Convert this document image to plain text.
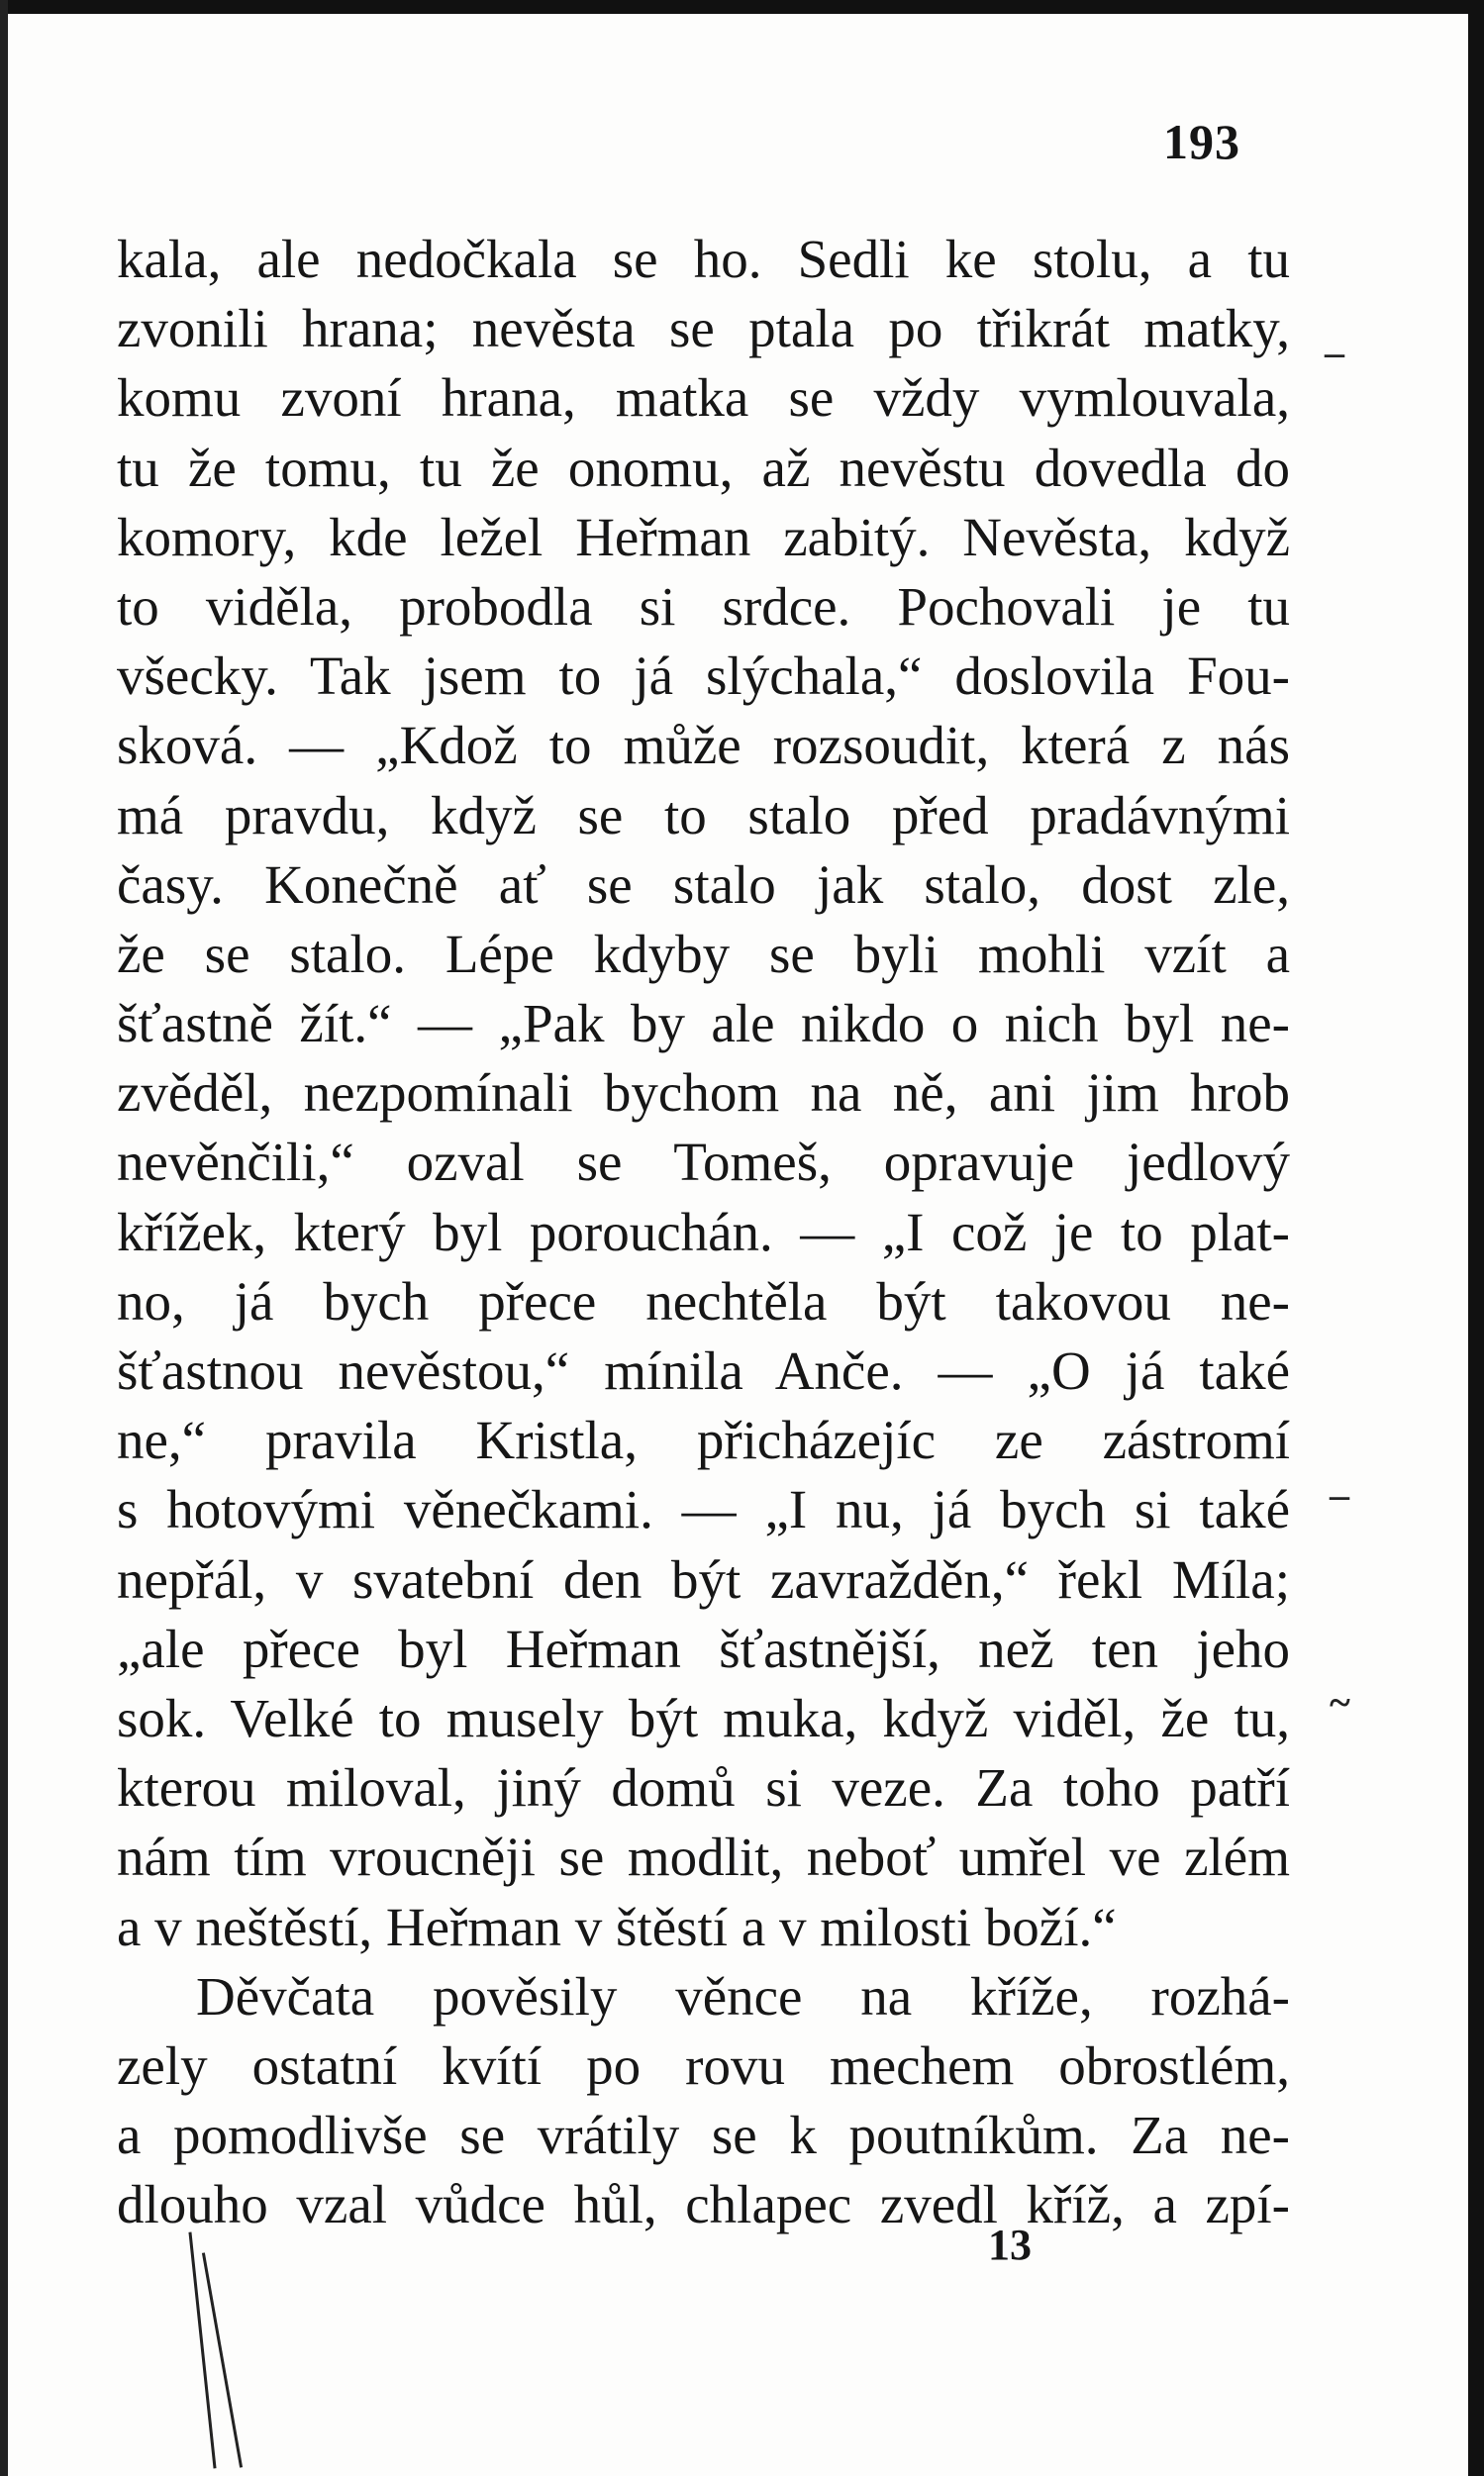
193
kala, ale nedočkala se ho. Sedli ke stolu, a tu
zvonili hrana; nevěsta se ptala po třikrát matky,
komu zvoní hrana, matka se vždy vymlouvala,
tu že tomu, tu že onomu, až nevěstu dovedla do
komory, kde ležel Heřman zabitý. Nevěsta, když
to viděla, probodla si srdce. Pochovali je tu
všecky. Tak jsem to já slýchala,“ doslovila Fou-
sková. — „Kdož to může rozsoudit, která z nás
má pravdu, když se to stalo před pradávnými
časy. Konečně ať se stalo jak stalo, dost zle,
že se stalo. Lépe kdyby se byli mohli vzít a
šťastně žít.“ — „Pak by ale nikdo o nich byl ne-
zvěděl, nezpomínali bychom na ně, ani jim hrob
nevěnčili,“ ozval se Tomeš, opravuje jedlový
křížek, který byl porouchán. — „I což je to plat-
no, já bych přece nechtěla být takovou ne-
šťastnou nevěstou,“ mínila Anče. — „O já také
ne,“ pravila Kristla, přicházejíc ze zástromí
s hotovými věnečkami. — „I nu, já bych si také
nepřál, v svatební den být zavražděn,“ řekl Míla;
„ale přece byl Heřman šťastnější, než ten jeho
sok. Velké to musely být muka, když viděl, že tu,
kterou miloval, jiný domů si veze. Za toho patří
nám tím vroucněji se modlit, neboť umřel ve zlém
a v neštěstí, Heřman v štěstí a v milosti boží.“
Děvčata pověsily věnce na kříže, rozhá-
zely ostatní kvítí po rovu mechem obrostlém,
a pomodlivše se vrátily se k poutníkům. Za ne-
dlouho vzal vůdce hůl, chlapec zvedl kříž, a zpí-
13
–
–
~
